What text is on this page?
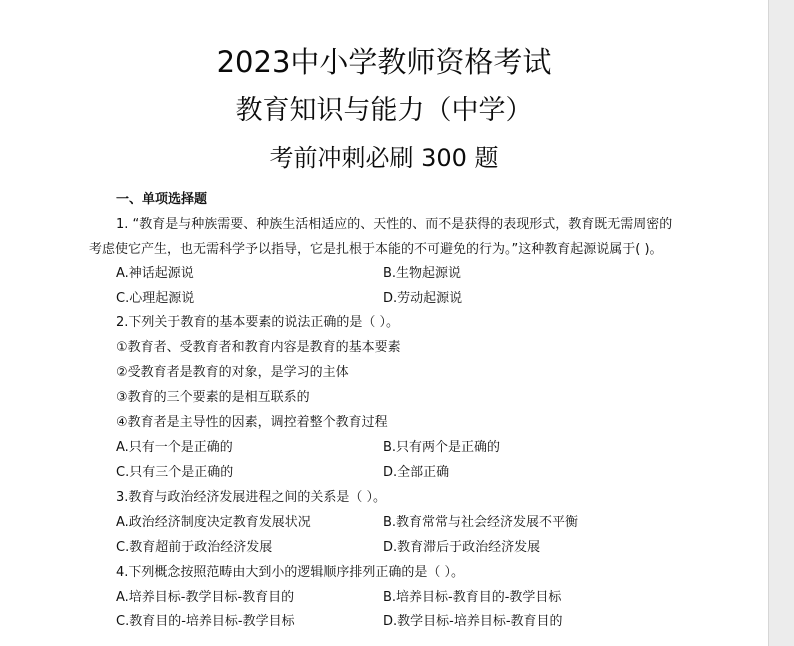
2023中小学教师资格考试
教育知识与能力（中学）
考前冲刺必刷 300 题
一、单项选择题
1. “教育是与种族需要、种族生活相适应的、天性的、而不是获得的表现形式，教育既无需周密的
考虑使它产生，也无需科学予以指导，它是扎根于本能的不可避免的行为。”这种教育起源说属于( )。
A.神话起源说	B.生物起源说
C.心理起源说	D.劳动起源说
2.下列关于教育的基本要素的说法正确的是（ ）。
①教育者、受教育者和教育内容是教育的基本要素
②受教育者是教育的对象，是学习的主体
③教育的三个要素的是相互联系的
④教育者是主导性的因素，调控着整个教育过程
A.只有一个是正确的	B.只有两个是正确的
C.只有三个是正确的	D.全部正确
3.教育与政治经济发展进程之间的关系是（ ）。
A.政治经济制度决定教育发展状况	B.教育常常与社会经济发展不平衡
C.教育超前于政治经济发展	D.教育滞后于政治经济发展
4.下列概念按照范畴由大到小的逻辑顺序排列正确的是（ ）。
A.培养目标-教学目标-教育目的	B.培养目标-教育目的-教学目标
C.教育目的-培养目标-教学目标	D.教学目标-培养目标-教育目的
